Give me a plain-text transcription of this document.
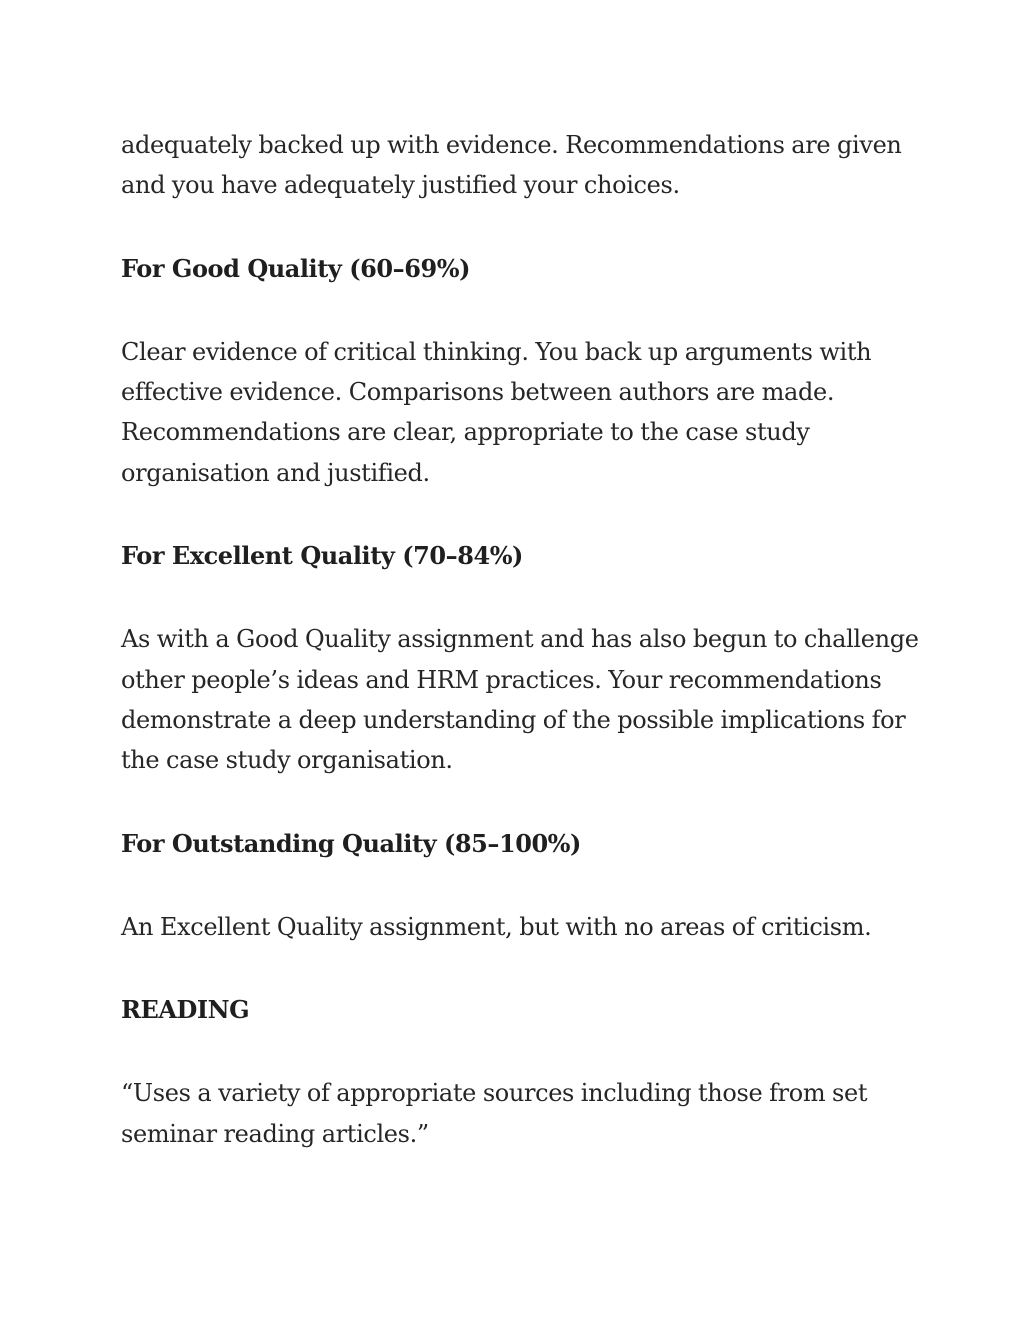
adequately backed up with evidence. Recommendations are given and you have adequately justified your choices.

For Good Quality (60–69%)

Clear evidence of critical thinking. You back up arguments with effective evidence. Comparisons between authors are made. Recommendations are clear, appropriate to the case study organisation and justified.

For Excellent Quality (70–84%)

As with a Good Quality assignment and has also begun to challenge other people’s ideas and HRM practices. Your recommendations demonstrate a deep understanding of the possible implications for the case study organisation.

For Outstanding Quality (85–100%)

An Excellent Quality assignment, but with no areas of criticism.

READING

“Uses a variety of appropriate sources including those from set seminar reading articles.”
